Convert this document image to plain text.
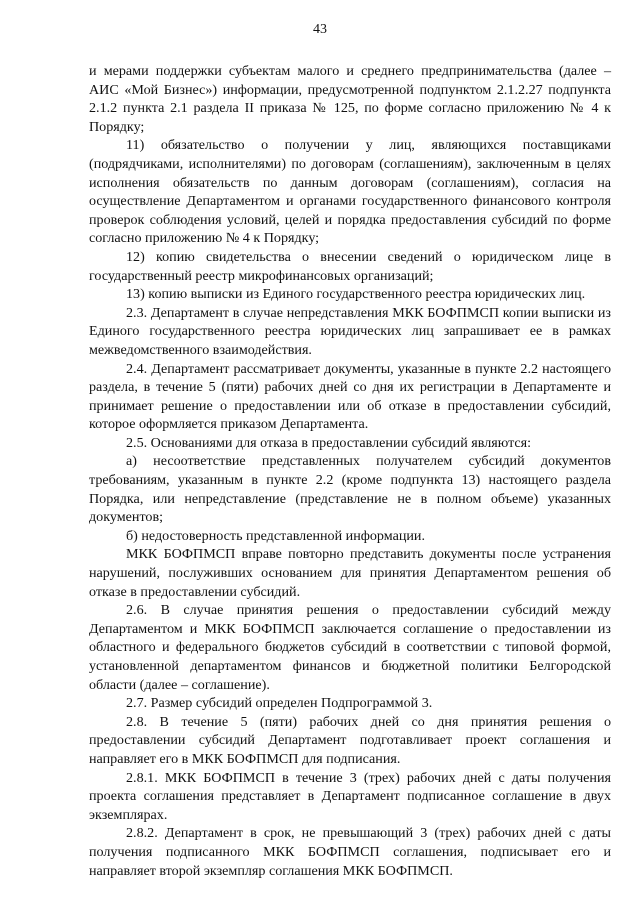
43

и мерами поддержки субъектам малого и среднего предпринимательства (далее – АИС «Мой Бизнес») информации, предусмотренной подпунктом 2.1.2.27 подпункта 2.1.2 пункта 2.1 раздела II приказа № 125, по форме согласно приложению № 4 к Порядку;

11) обязательство о получении у лиц, являющихся поставщиками (подрядчиками, исполнителями) по договорам (соглашениям), заключенным в целях исполнения обязательств по данным договорам (соглашениям), согласия на осуществление Департаментом и органами государственного финансового контроля проверок соблюдения условий, целей и порядка предоставления субсидий по форме согласно приложению № 4 к Порядку;

12) копию свидетельства о внесении сведений о юридическом лице в государственный реестр микрофинансовых организаций;

13) копию выписки из Единого государственного реестра юридических лиц.

2.3. Департамент в случае непредставления МКК БОФПМСП копии выписки из Единого государственного реестра юридических лиц запрашивает ее в рамках межведомственного взаимодействия.

2.4. Департамент рассматривает документы, указанные в пункте 2.2 настоящего раздела, в течение 5 (пяти) рабочих дней со дня их регистрации в Департаменте и принимает решение о предоставлении или об отказе в предоставлении субсидий, которое оформляется приказом Департамента.

2.5. Основаниями для отказа в предоставлении субсидий являются:

а) несоответствие представленных получателем субсидий документов требованиям, указанным в пункте 2.2 (кроме подпункта 13) настоящего раздела Порядка, или непредставление (представление не в полном объеме) указанных документов;

б) недостоверность представленной информации.

МКК БОФПМСП вправе повторно представить документы после устранения нарушений, послуживших основанием для принятия Департаментом решения об отказе в предоставлении субсидий.

2.6. В случае принятия решения о предоставлении субсидий между Департаментом и МКК БОФПМСП заключается соглашение о предоставлении из областного и федерального бюджетов субсидий в соответствии с типовой формой, установленной департаментом финансов и бюджетной политики Белгородской области (далее – соглашение).

2.7. Размер субсидий определен Подпрограммой 3.

2.8. В течение 5 (пяти) рабочих дней со дня принятия решения о предоставлении субсидий Департамент подготавливает проект соглашения и направляет его в МКК БОФПМСП для подписания.

2.8.1. МКК БОФПМСП в течение 3 (трех) рабочих дней с даты получения проекта соглашения представляет в Департамент подписанное соглашение в двух экземплярах.

2.8.2. Департамент в срок, не превышающий 3 (трех) рабочих дней с даты получения подписанного МКК БОФПМСП соглашения, подписывает его и направляет второй экземпляр соглашения МКК БОФПМСП.
